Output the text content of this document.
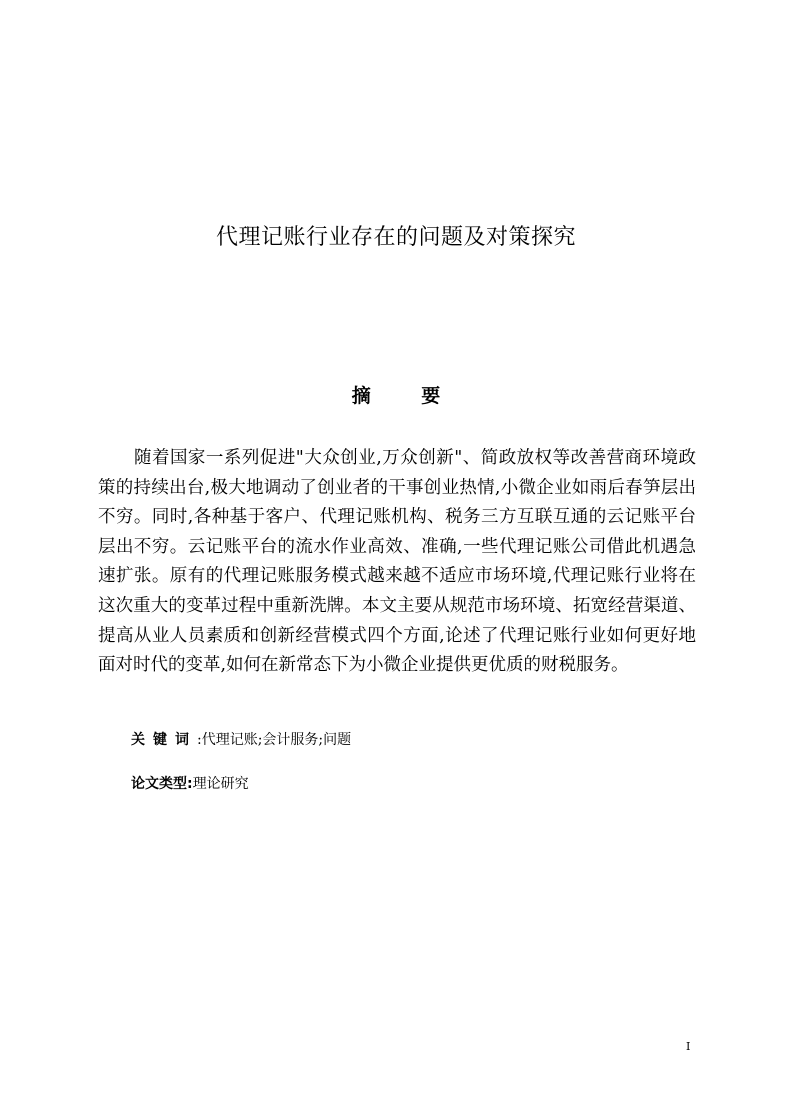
代理记账行业存在的问题及对策探究
摘 要

随着国家一系列促进"大众创业,万众创新"、简政放权等改善营商环境政策的持续出台,极大地调动了创业者的干事创业热情,小微企业如雨后春笋层出不穷。同时,各种基于客户、代理记账机构、税务三方互联互通的云记账平台层出不穷。云记账平台的流水作业高效、准确,一些代理记账公司借此机遇急速扩张。原有的代理记账服务模式越来越不适应市场环境,代理记账行业将在这次重大的变革过程中重新洗牌。本文主要从规范市场环境、拓宽经营渠道、提高从业人员素质和创新经营模式四个方面,论述了代理记账行业如何更好地面对时代的变革,如何在新常态下为小微企业提供更优质的财税服务。

关键词:代理记账;会计服务;问题
论文类型:理论研究
I
